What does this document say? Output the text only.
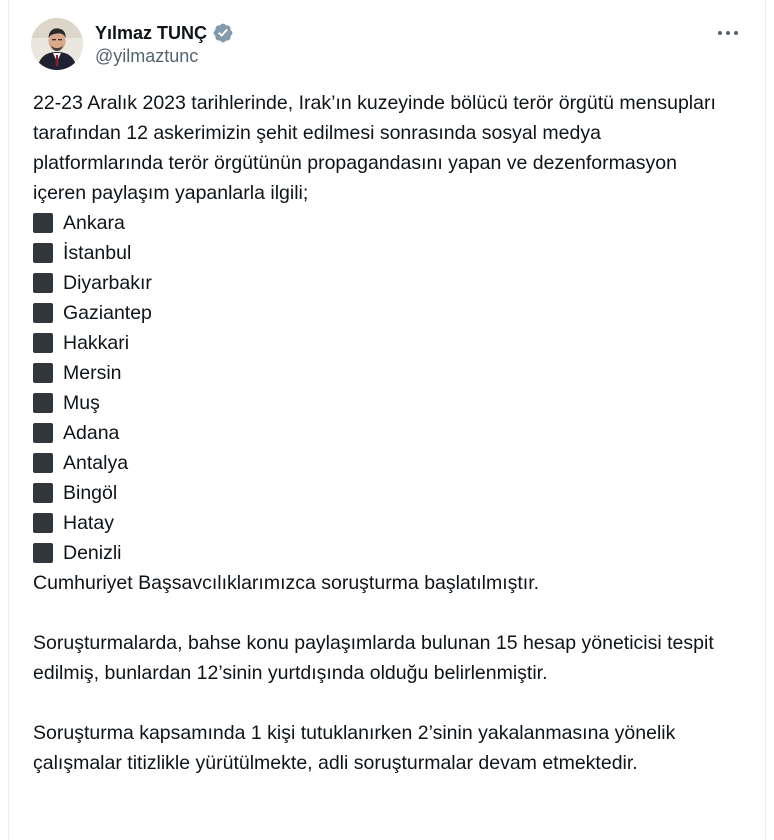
Yılmaz TUNÇ
@yilmaztunc

22-23 Aralık 2023 tarihlerinde, Irak’ın kuzeyinde bölücü terör örgütü mensupları tarafından 12 askerimizin şehit edilmesi sonrasında sosyal medya platformlarında terör örgütünün propagandasını yapan ve dezenformasyon içeren paylaşım yapanlarla ilgili;

Ankara
İstanbul
Diyarbakır
Gaziantep
Hakkari
Mersin
Muş
Adana
Antalya
Bingöl
Hatay
Denizli

Cumhuriyet Başsavcılıklarımızca soruşturma başlatılmıştır.

Soruşturmalarda, bahse konu paylaşımlarda bulunan 15 hesap yöneticisi tespit edilmiş, bunlardan 12’sinin yurtdışında olduğu belirlenmiştir.

Soruşturma kapsamında 1 kişi tutuklanırken 2’sinin yakalanmasına yönelik çalışmalar titizlikle yürütülmekte, adli soruşturmalar devam etmektedir.
